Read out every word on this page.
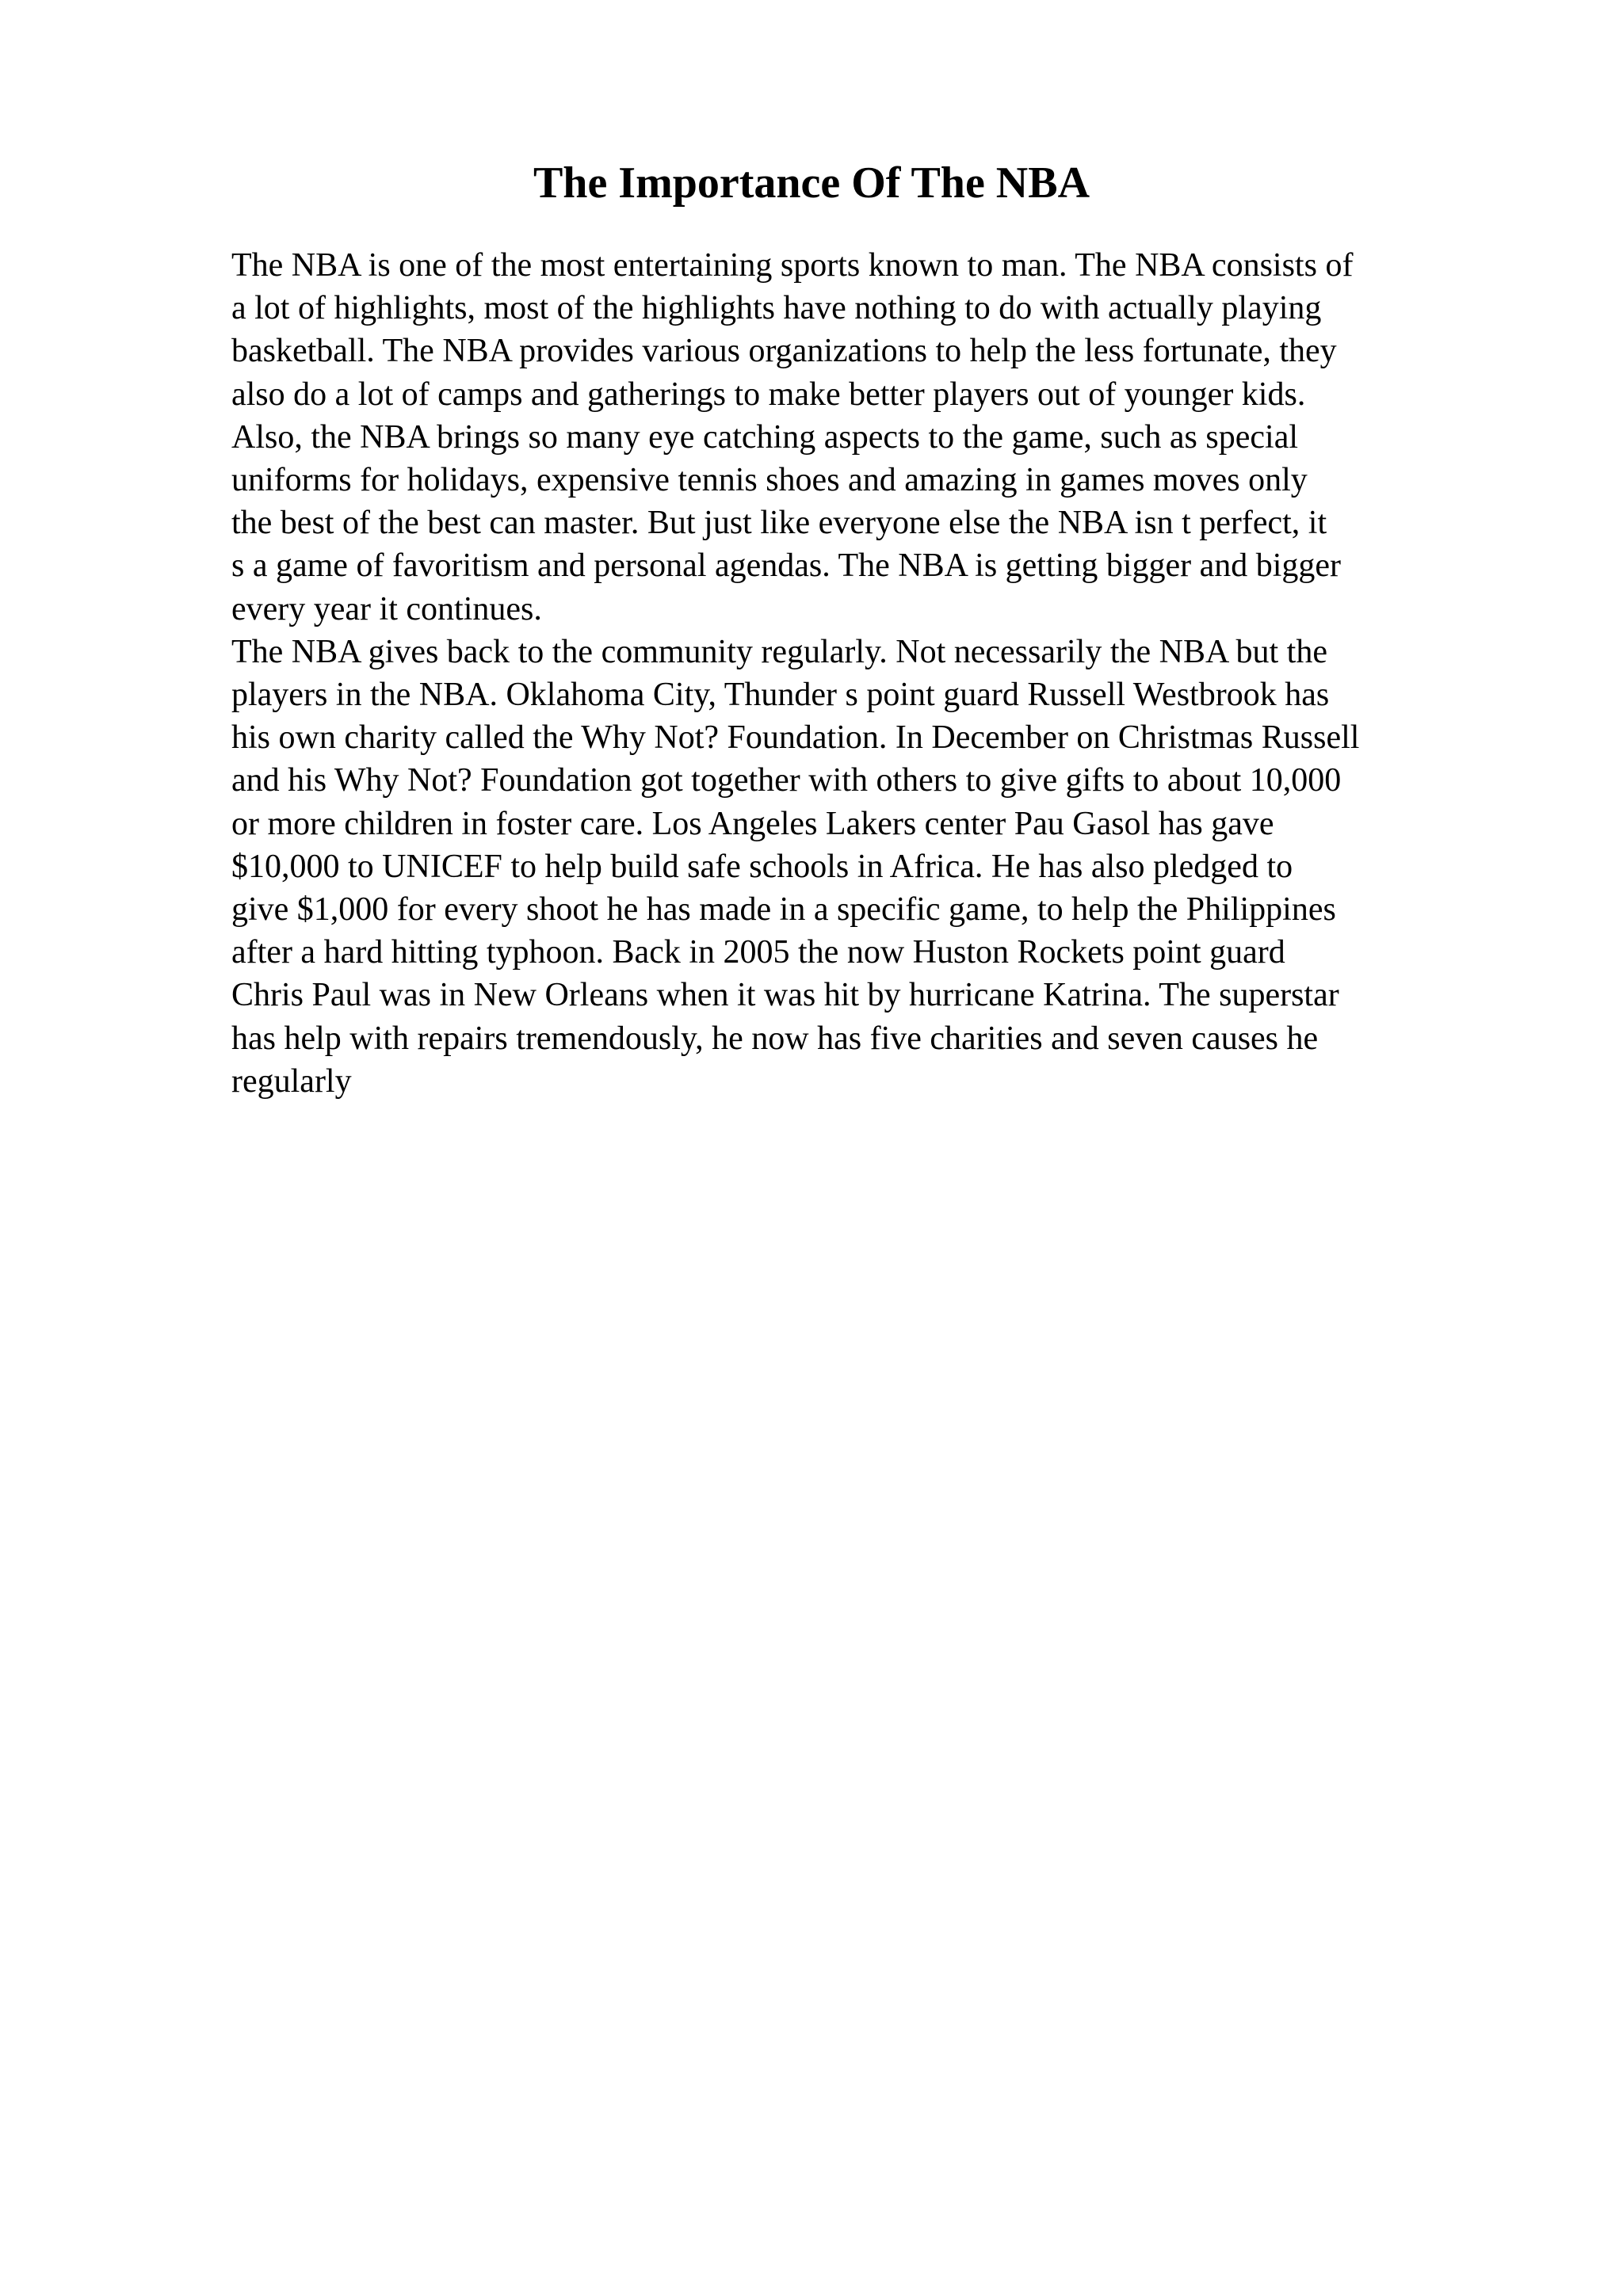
The Importance Of The NBA
The NBA is one of the most entertaining sports known to man. The NBA consists of
a lot of highlights, most of the highlights have nothing to do with actually playing
basketball. The NBA provides various organizations to help the less fortunate, they
also do a lot of camps and gatherings to make better players out of younger kids.
Also, the NBA brings so many eye catching aspects to the game, such as special
uniforms for holidays, expensive tennis shoes and amazing in games moves only
the best of the best can master. But just like everyone else the NBA isn t perfect, it
s a game of favoritism and personal agendas. The NBA is getting bigger and bigger
every year it continues.
The NBA gives back to the community regularly. Not necessarily the NBA but the
players in the NBA. Oklahoma City, Thunder s point guard Russell Westbrook has
his own charity called the Why Not? Foundation. In December on Christmas Russell
and his Why Not? Foundation got together with others to give gifts to about 10,000
or more children in foster care. Los Angeles Lakers center Pau Gasol has gave
$10,000 to UNICEF to help build safe schools in Africa. He has also pledged to
give $1,000 for every shoot he has made in a specific game, to help the Philippines
after a hard hitting typhoon. Back in 2005 the now Huston Rockets point guard
Chris Paul was in New Orleans when it was hit by hurricane Katrina. The superstar
has help with repairs tremendously, he now has five charities and seven causes he
regularly
